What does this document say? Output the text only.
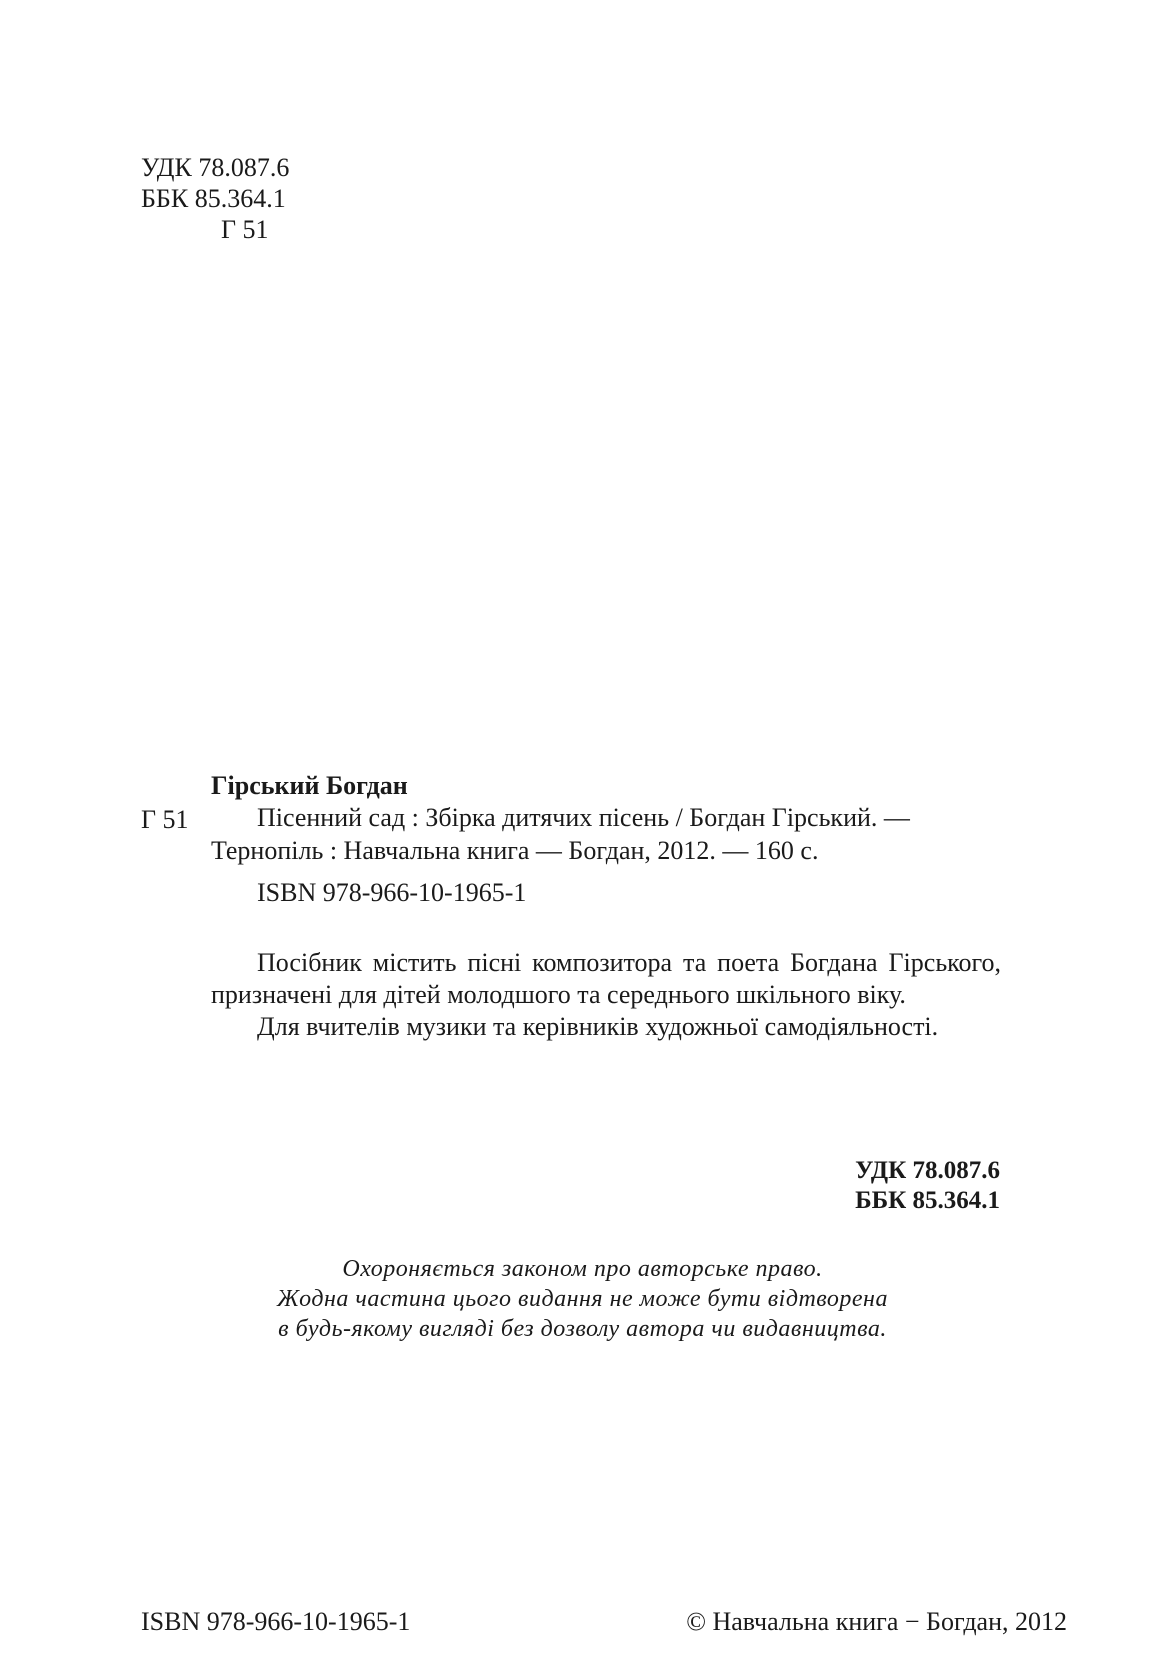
УДК 78.087.6
ББК 85.364.1
Г 51
Гірський Богдан
Г 51	Пісенний сад : Збірка дитячих пісень / Богдан Гірський. —
Тернопіль : Навчальна книга — Богдан, 2012. — 160 с.
ISBN 978-966-10-1965-1

Посібник містить пісні композитора та поета Богдана Гірського, призначені для дітей молодшого та середнього шкільного віку.

Для вчителів музики та керівників художньої самодіяльності.

УДК 78.087.6
ББК 85.364.1
Охороняється законом про авторське право.
Жодна частина цього видання не може бути відтворена
в будь-якому вигляді без дозволу автора чи видавництва.
ISBN 978-966-10-1965-1	© Навчальна книга − Богдан, 2012
